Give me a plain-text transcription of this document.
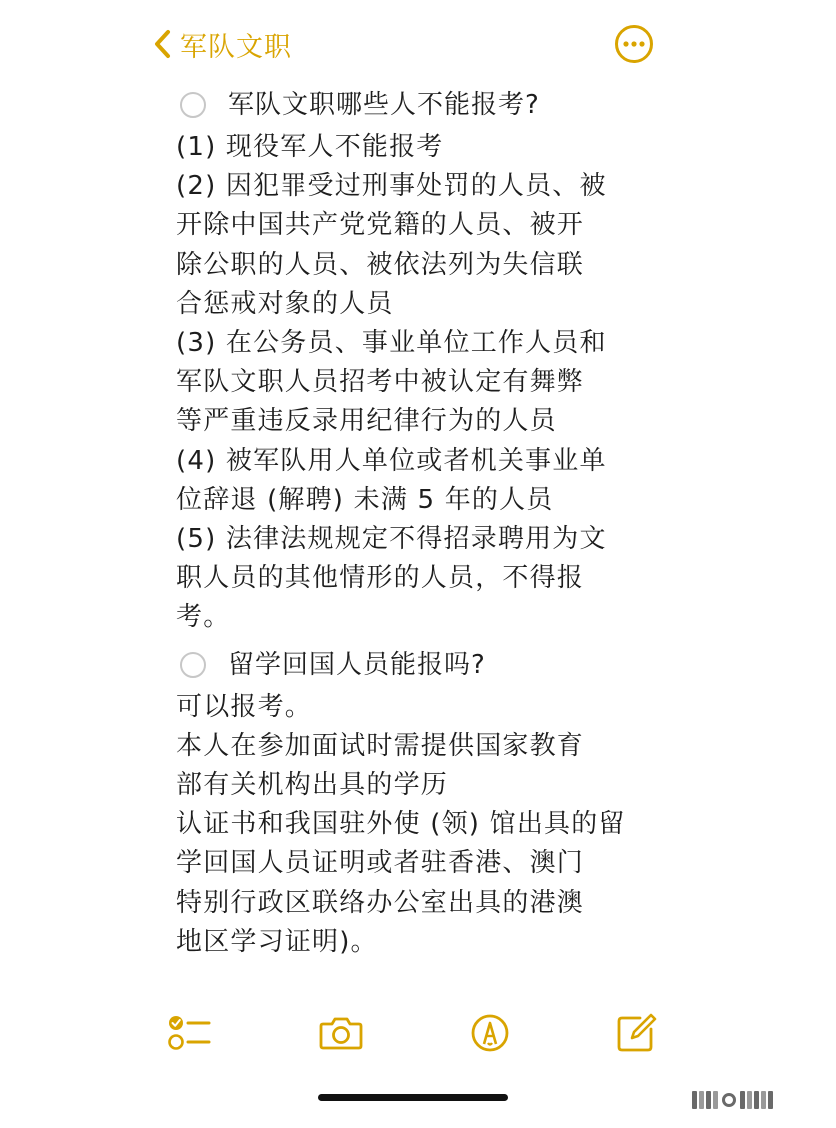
军队文职
军队文职哪些人不能报考?
(1) 现役军人不能报考
(2) 因犯罪受过刑事处罚的人员、被
开除中国共产党党籍的人员、被开
除公职的人员、被依法列为失信联
合惩戒对象的人员
(3) 在公务员、事业单位工作人员和
军队文职人员招考中被认定有舞弊
等严重违反录用纪律行为的人员
(4) 被军队用人单位或者机关事业单
位辞退 (解聘) 未满 5 年的人员
(5) 法律法规规定不得招录聘用为文
职人员的其他情形的人员，不得报
考。
留学回国人员能报吗?
可以报考。
本人在参加面试时需提供国家教育
部有关机构出具的学历
认证书和我国驻外使 (领) 馆出具的留
学回国人员证明或者驻香港、澳门
特别行政区联络办公室出具的港澳
地区学习证明)。
